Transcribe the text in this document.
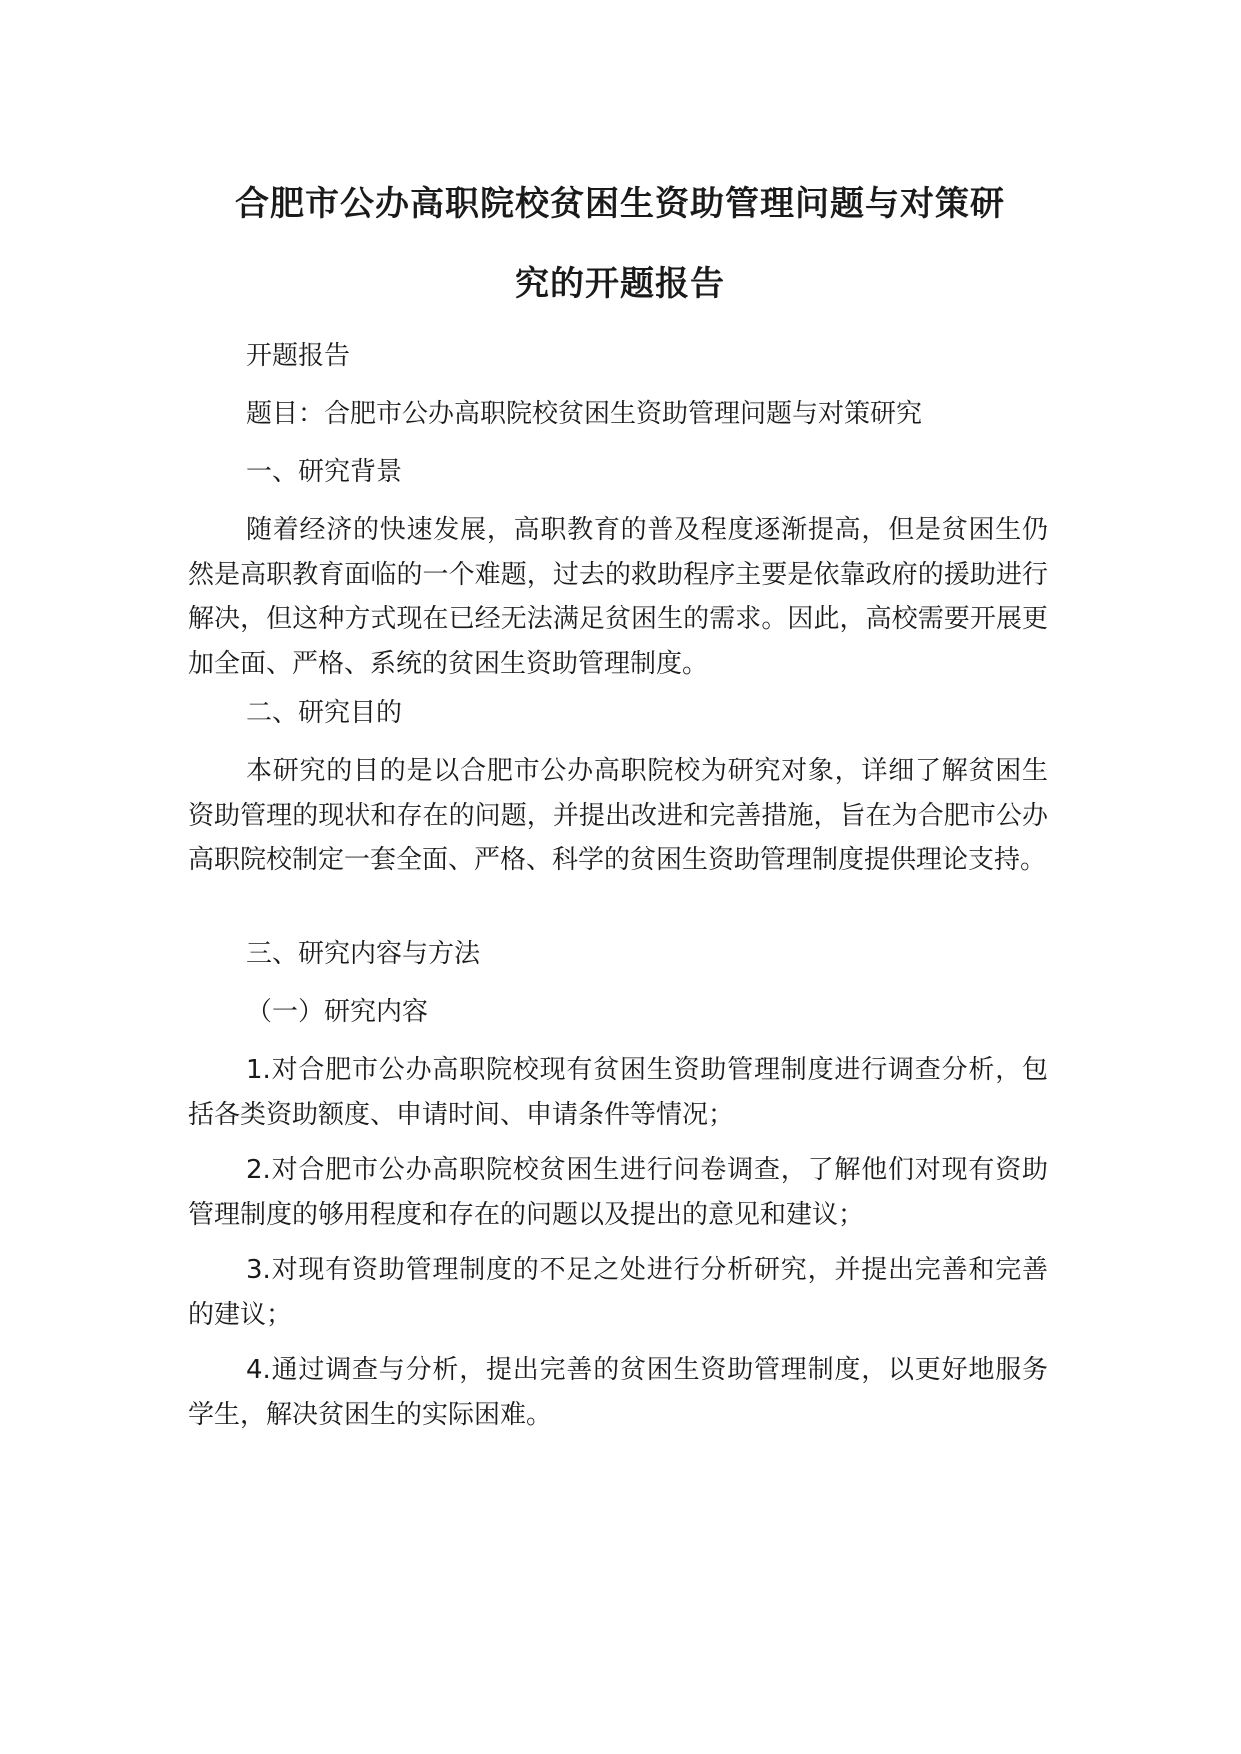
合肥市公办高职院校贫困生资助管理问题与对策研
究的开题报告

开题报告

题目：合肥市公办高职院校贫困生资助管理问题与对策研究

一、研究背景

随着经济的快速发展，高职教育的普及程度逐渐提高，但是贫困生仍然是高职教育面临的一个难题，过去的救助程序主要是依靠政府的援助进行解决，但这种方式现在已经无法满足贫困生的需求。因此，高校需要开展更加全面、严格、系统的贫困生资助管理制度。

二、研究目的

本研究的目的是以合肥市公办高职院校为研究对象，详细了解贫困生资助管理的现状和存在的问题，并提出改进和完善措施，旨在为合肥市公办高职院校制定一套全面、严格、科学的贫困生资助管理制度提供理论支持。

三、研究内容与方法

（一）研究内容

1.对合肥市公办高职院校现有贫困生资助管理制度进行调查分析，包括各类资助额度、申请时间、申请条件等情况；

2.对合肥市公办高职院校贫困生进行问卷调查，了解他们对现有资助管理制度的够用程度和存在的问题以及提出的意见和建议；

3.对现有资助管理制度的不足之处进行分析研究，并提出完善和完善的建议；

4.通过调查与分析，提出完善的贫困生资助管理制度，以更好地服务学生，解决贫困生的实际困难。
